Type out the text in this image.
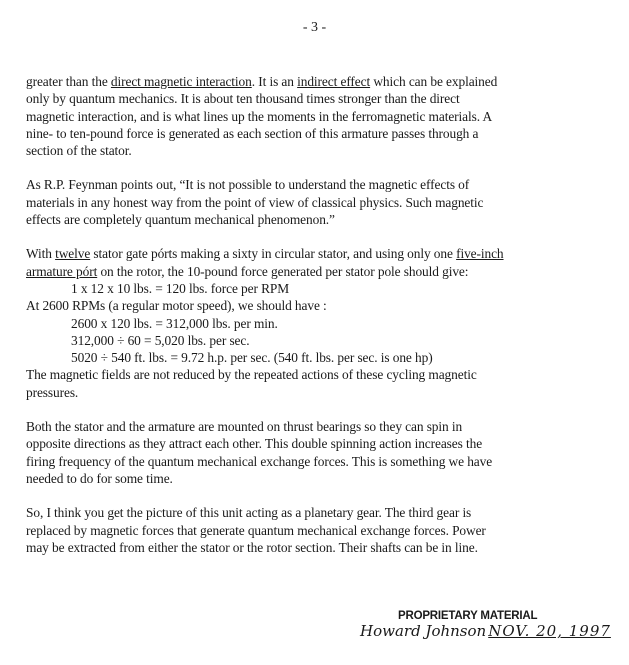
- 3 -
greater than the direct magnetic interaction. It is an indirect effect which can be explained
only by quantum mechanics. It is about ten thousand times stronger than the direct
magnetic interaction, and is what lines up the moments in the ferromagnetic materials. A
nine- to ten-pound force is generated as each section of this armature passes through a
section of the stator.
As R.P. Feynman points out, “It is not possible to understand the magnetic effects of
materials in any honest way from the point of view of classical physics. Such magnetic
effects are completely quantum mechanical phenomenon.”
With twelve stator gate pórts making a sixty in circular stator, and using only one five-inch
armature pórt on the rotor, the 10-pound force generated per stator pole should give:
1 x 12 x 10 lbs. = 120 lbs. force per RPM
At 2600 RPMs (a regular motor speed), we should have :
2600 x 120 lbs. = 312,000 lbs. per min.
312,000 ÷ 60 = 5,020 lbs. per sec.
5020 ÷ 540 ft. lbs. = 9.72 h.p. per sec. (540 ft. lbs. per sec. is one hp)
The magnetic fields are not reduced by the repeated actions of these cycling magnetic
pressures.
Both the stator and the armature are mounted on thrust bearings so they can spin in
opposite directions as they attract each other. This double spinning action increases the
firing frequency of the quantum mechanical exchange forces. This is something we have
needed to do for some time.
So, I think you get the picture of this unit acting as a planetary gear. The third gear is
replaced by magnetic forces that generate quantum mechanical exchange forces. Power
may be extracted from either the stator or the rotor section. Their shafts can be in line.
PROPRIETARY MATERIAL
Howard Johnson NOV. 20, 1997
